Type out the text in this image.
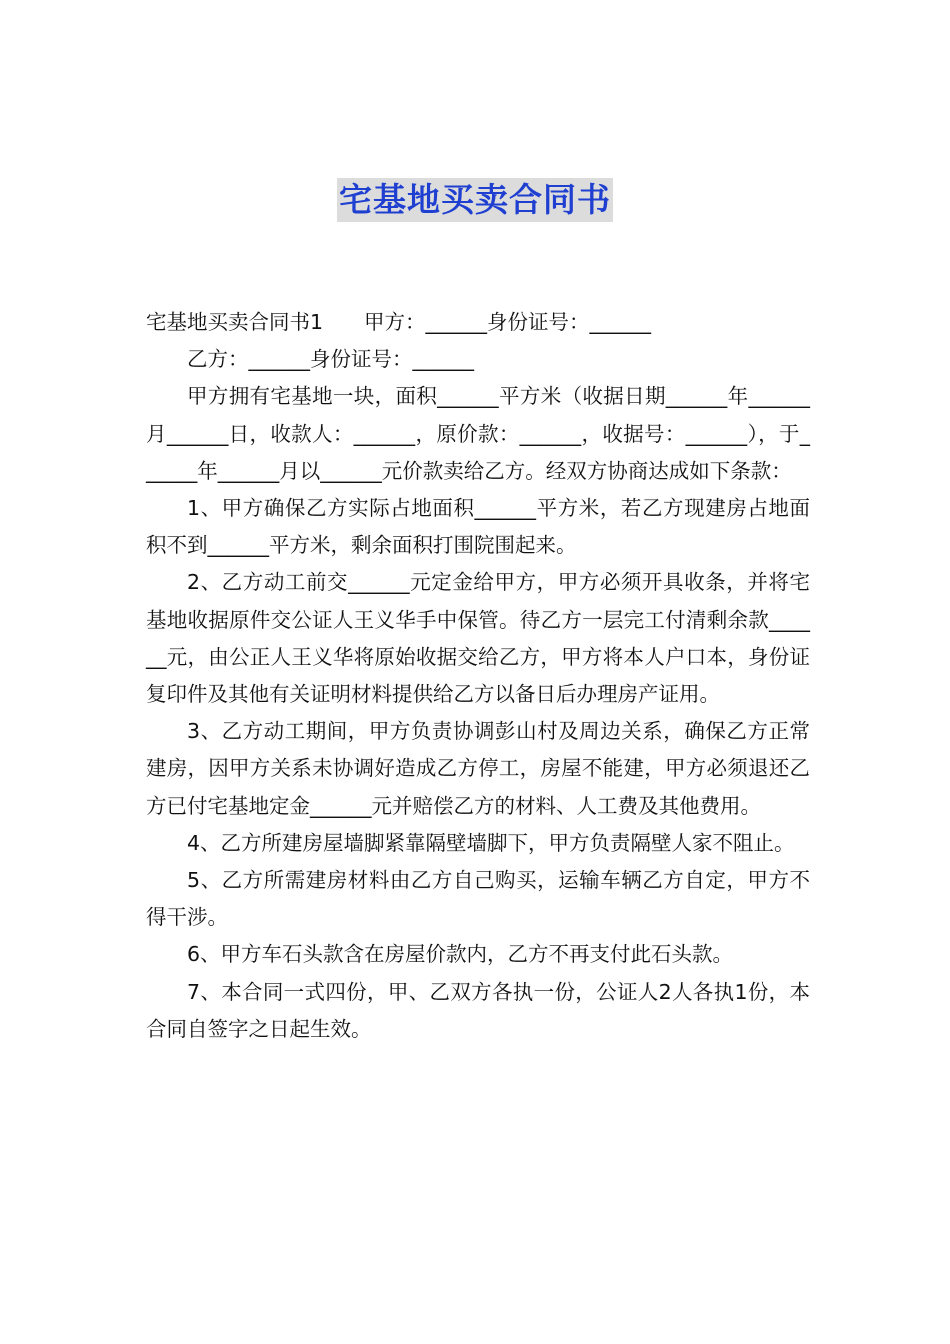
宅基地买卖合同书

宅基地买卖合同书1　　甲方：______身份证号：______

乙方：______身份证号：______

甲方拥有宅基地一块，面积______平方米（收据日期______年______月______日，收款人：______，原价款：______，收据号：______），于______年______月以______元价款卖给乙方。经双方协商达成如下条款：

1、甲方确保乙方实际占地面积______平方米，若乙方现建房占地面积不到______平方米，剩余面积打围院围起来。

2、乙方动工前交______元定金给甲方，甲方必须开具收条，并将宅基地收据原件交公证人王义华手中保管。待乙方一层完工付清剩余款______元，由公正人王义华将原始收据交给乙方，甲方将本人户口本，身份证复印件及其他有关证明材料提供给乙方以备日后办理房产证用。

3、乙方动工期间，甲方负责协调彭山村及周边关系，确保乙方正常建房，因甲方关系未协调好造成乙方停工，房屋不能建，甲方必须退还乙方已付宅基地定金______元并赔偿乙方的材料、人工费及其他费用。

4、乙方所建房屋墙脚紧靠隔壁墙脚下，甲方负责隔壁人家不阻止。

5、乙方所需建房材料由乙方自己购买，运输车辆乙方自定，甲方不得干涉。

6、甲方车石头款含在房屋价款内，乙方不再支付此石头款。

7、本合同一式四份，甲、乙双方各执一份，公证人2人各执1份，本合同自签字之日起生效。
